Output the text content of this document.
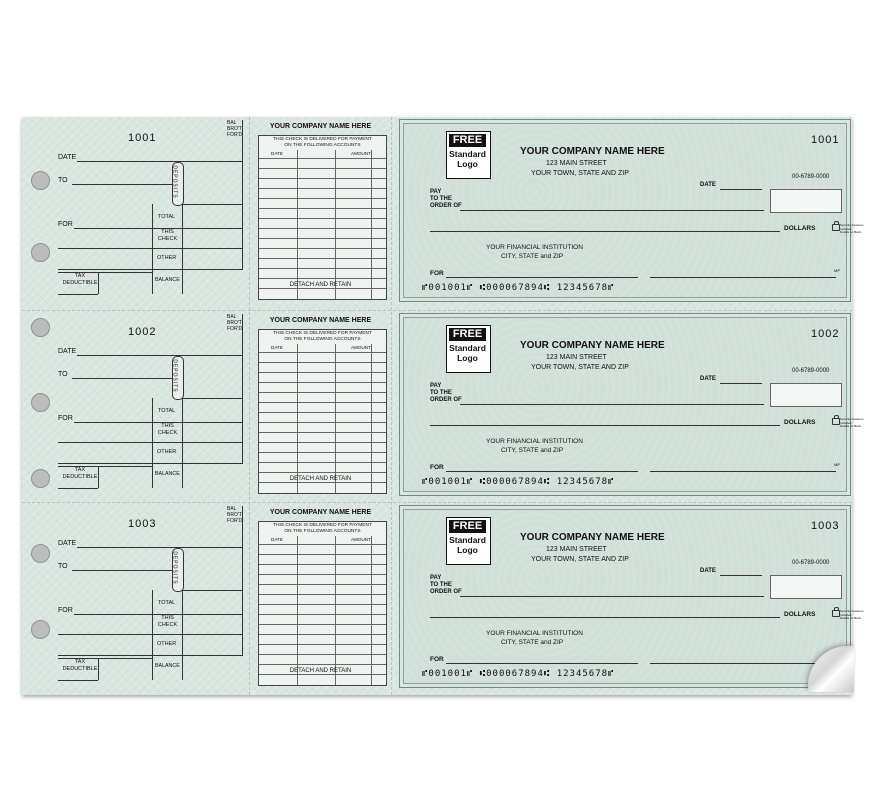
1001
BAL
BRO'T
FOR'D
DATE
TO	DEPOSITS
FOR
TOTAL
THIS
CHECK
OTHER
BALANCE
TAX
DEDUCTIBLE
YOUR COMPANY NAME HERE
THIS CHECK IS DELIVERED FOR PAYMENT
ON THE FOLLOWING ACCOUNTS
DATE	AMOUNT
DETACH AND RETAIN
FREE
Standard
Logo
YOUR COMPANY NAME HERE
123 MAIN STREET
YOUR TOWN, STATE AND ZIP
1001
00-6789-0000
DATE
PAY
TO THE
ORDER OF
DOLLARS	Security Features
Included.
Details on Back.
YOUR FINANCIAL INSTITUTION
CITY, STATE and ZIP
FOR	MP
⑈001001⑈ ⑆000067894⑆ 12345678⑈
1002
BAL
BRO'T
FOR'D
DATE
TO	DEPOSITS
FOR
TOTAL
THIS
CHECK
OTHER
BALANCE
TAX
DEDUCTIBLE
YOUR COMPANY NAME HERE
THIS CHECK IS DELIVERED FOR PAYMENT
ON THE FOLLOWING ACCOUNTS
DATE	AMOUNT
DETACH AND RETAIN
FREE
Standard
Logo
YOUR COMPANY NAME HERE
123 MAIN STREET
YOUR TOWN, STATE AND ZIP
1002
00-6789-0000
DATE
PAY
TO THE
ORDER OF
DOLLARS	Security Features
Included.
Details on Back.
YOUR FINANCIAL INSTITUTION
CITY, STATE and ZIP
FOR	MP
⑈001001⑈ ⑆000067894⑆ 12345678⑈
1003
BAL
BRO'T
FOR'D
DATE
TO	DEPOSITS
FOR
TOTAL
THIS
CHECK
OTHER
BALANCE
TAX
DEDUCTIBLE
YOUR COMPANY NAME HERE
THIS CHECK IS DELIVERED FOR PAYMENT
ON THE FOLLOWING ACCOUNTS
DATE	AMOUNT
DETACH AND RETAIN
FREE
Standard
Logo
YOUR COMPANY NAME HERE
123 MAIN STREET
YOUR TOWN, STATE AND ZIP
1003
00-6789-0000
DATE
PAY
TO THE
ORDER OF
DOLLARS	Security Features
Included.
Details on Back.
YOUR FINANCIAL INSTITUTION
CITY, STATE and ZIP
FOR
⑈001001⑈ ⑆000067894⑆ 12345678⑈
